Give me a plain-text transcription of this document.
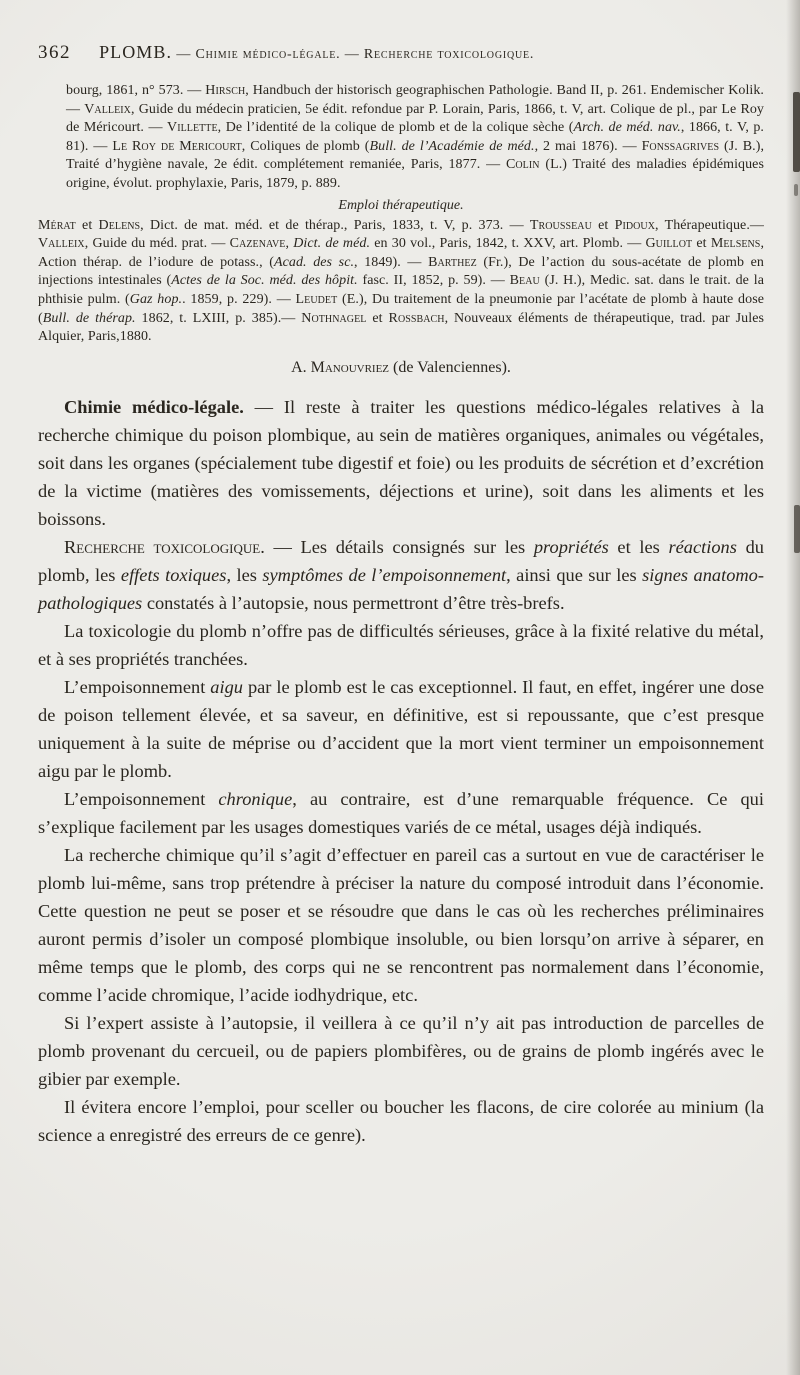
362 PLOMB. — Chimie médico-légale. — Recherche toxicologique.
bourg, 1861, n° 573. — Hirsch, Handbuch der historisch geographischen Pathologie. Band II, p. 261. Endemischer Kolik. — Valleix, Guide du médecin praticien, 5e édit. refondue par P. Lorain, Paris, 1866, t. V, art. Colique de pl., par Le Roy de Méricourt. — Villette, De l’identité de la colique de plomb et de la colique sèche (Arch. de méd. nav., 1866, t. V, p. 81). — Le Roy de Mericourt, Coliques de plomb (Bull. de l’Académie de méd., 2 mai 1876). — Fonssagrives (J. B.), Traité d’hygiène navale, 2e édit. complétement remaniée, Paris, 1877. — Colin (L.) Traité des maladies épidémiques origine, évolut. prophylaxie, Paris, 1879, p. 889.
Emploi thérapeutique.
Mérat et Delens, Dict. de mat. méd. et de thérap., Paris, 1833, t. V, p. 373. — Trousseau et Pidoux, Thérapeutique.— Valleix, Guide du méd. prat. — Cazenave, Dict. de méd. en 30 vol., Paris, 1842, t. XXV, art. Plomb. — Guillot et Melsens, Action thérap. de l’iodure de potass., (Acad. des sc., 1849). — Barthez (Fr.), De l’action du sous-acétate de plomb en injections intestinales (Actes de la Soc. méd. des hôpit. fasc. II, 1852, p. 59). — Beau (J. H.), Medic. sat. dans le trait. de la phthisie pulm. (Gaz hop.. 1859, p. 229). — Leudet (E.), Du traitement de la pneumonie par l’acétate de plomb à haute dose (Bull. de thérap. 1862, t. LXIII, p. 385).— Nothnagel et Rossbach, Nouveaux éléments de thérapeutique, trad. par Jules Alquier, Paris,1880.
A. Manouvriez (de Valenciennes).

Chimie médico-légale. — Il reste à traiter les questions médico-légales relatives à la recherche chimique du poison plombique, au sein de matières organiques, animales ou végétales, soit dans les organes (spécialement tube digestif et foie) ou les produits de sécrétion et d’excrétion de la victime (matières des vomissements, déjections et urine), soit dans les aliments et les boissons.

Recherche toxicologique. — Les détails consignés sur les propriétés et les réactions du plomb, les effets toxiques, les symptômes de l’empoisonnement, ainsi que sur les signes anatomo-pathologiques constatés à l’autopsie, nous permettront d’être très-brefs.

La toxicologie du plomb n’offre pas de difficultés sérieuses, grâce à la fixité relative du métal, et à ses propriétés tranchées.

L’empoisonnement aigu par le plomb est le cas exceptionnel. Il faut, en effet, ingérer une dose de poison tellement élevée, et sa saveur, en définitive, est si repoussante, que c’est presque uniquement à la suite de méprise ou d’accident que la mort vient terminer un empoisonnement aigu par le plomb.

L’empoisonnement chronique, au contraire, est d’une remarquable fréquence. Ce qui s’explique facilement par les usages domestiques variés de ce métal, usages déjà indiqués.

La recherche chimique qu’il s’agit d’effectuer en pareil cas a surtout en vue de caractériser le plomb lui-même, sans trop prétendre à préciser la nature du composé introduit dans l’économie. Cette question ne peut se poser et se résoudre que dans le cas où les recherches préliminaires auront permis d’isoler un composé plombique insoluble, ou bien lorsqu’on arrive à séparer, en même temps que le plomb, des corps qui ne se rencontrent pas normalement dans l’économie, comme l’acide chromique, l’acide iodhydrique, etc.

Si l’expert assiste à l’autopsie, il veillera à ce qu’il n’y ait pas introduction de parcelles de plomb provenant du cercueil, ou de papiers plombifères, ou de grains de plomb ingérés avec le gibier par exemple.

Il évitera encore l’emploi, pour sceller ou boucher les flacons, de cire colorée au minium (la science a enregistré des erreurs de ce genre).
